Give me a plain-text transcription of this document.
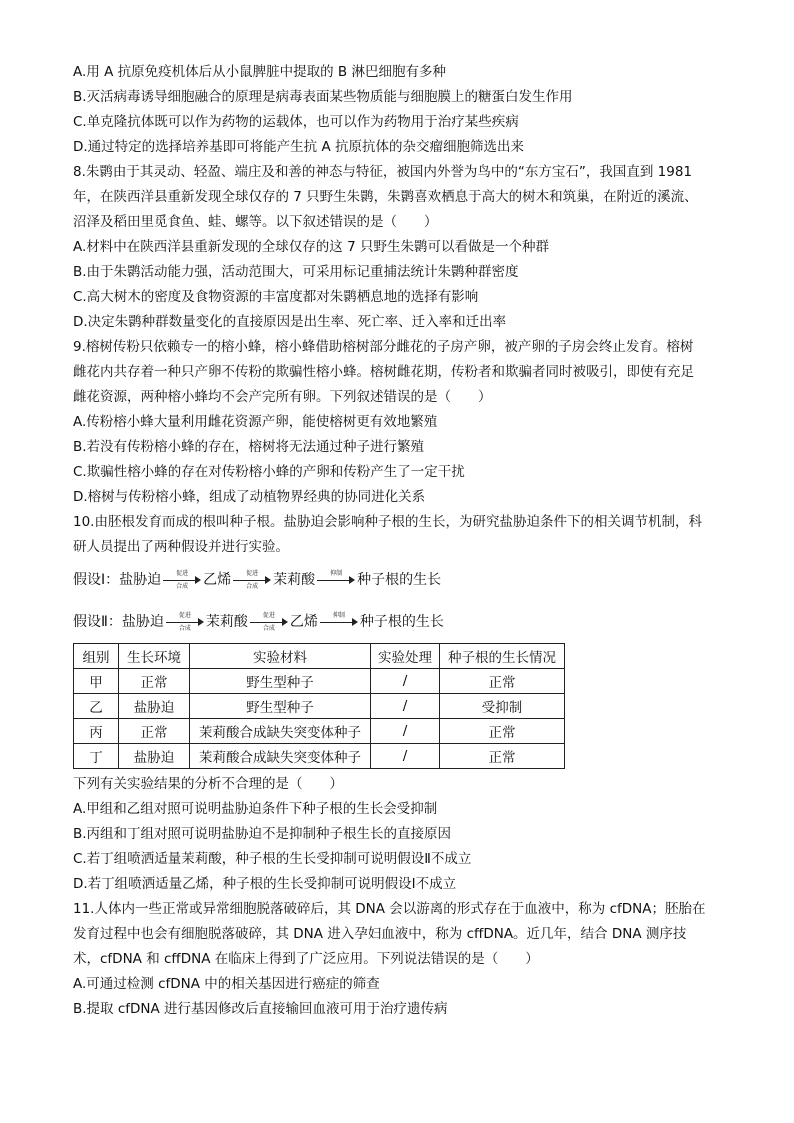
A.用 A 抗原免疫机体后从小鼠脾脏中提取的 B 淋巴细胞有多种
B.灭活病毒诱导细胞融合的原理是病毒表面某些物质能与细胞膜上的糖蛋白发生作用
C.单克隆抗体既可以作为药物的运载体，也可以作为药物用于治疗某些疾病
D.通过特定的选择培养基即可将能产生抗 A 抗原抗体的杂交瘤细胞筛选出来
8.朱鹮由于其灵动、轻盈、端庄及和善的神态与特征，被国内外誉为鸟中的“东方宝石”，我国直到 1981
年，在陕西洋县重新发现全球仅存的 7 只野生朱鹮，朱鹮喜欢栖息于高大的树木和筑巢，在附近的溪流、
沼泽及稻田里觅食鱼、蛙、螺等。以下叙述错误的是（　　）
A.材料中在陕西洋县重新发现的全球仅存的这 7 只野生朱鹮可以看做是一个种群
B.由于朱鹮活动能力强，活动范围大，可采用标记重捕法统计朱鹮种群密度
C.高大树木的密度及食物资源的丰富度都对朱鹮栖息地的选择有影响
D.决定朱鹮种群数量变化的直接原因是出生率、死亡率、迁入率和迁出率
9.榕树传粉只依赖专一的榕小蜂，榕小蜂借助榕树部分雌花的子房产卵，被产卵的子房会终止发育。榕树
雌花内共存着一种只产卵不传粉的欺骗性榕小蜂。榕树雌花期，传粉者和欺骗者同时被吸引，即使有充足
雌花资源，两种榕小蜂均不会产完所有卵。下列叙述错误的是（　　）
A.传粉榕小蜂大量利用雌花资源产卵，能使榕树更有效地繁殖
B.若没有传粉榕小蜂的存在，榕树将无法通过种子进行繁殖
C.欺骗性榕小蜂的存在对传粉榕小蜂的产卵和传粉产生了一定干扰
D.榕树与传粉榕小蜂，组成了动植物界经典的协同进化关系
10.由胚根发育而成的根叫种子根。盐胁迫会影响种子根的生长，为研究盐胁迫条件下的相关调节机制，科
研人员提出了两种假设并进行实验。
假设Ⅰ： 盐胁迫 促进
合成 乙烯 促进
合成 茉莉酸 抑制 种子根的生长
假设Ⅱ： 盐胁迫 促进
合成 茉莉酸 促进
合成 乙烯 抑制 种子根的生长
组别	生长环境	实验材料	实验处理	种子根的生长情况
甲	正常	野生型种子	/	正常
乙	盐胁迫	野生型种子	/	受抑制
丙	正常	茉莉酸合成缺失突变体种子	/	正常
丁	盐胁迫	茉莉酸合成缺失突变体种子	/	正常
下列有关实验结果的分析不合理的是（　　）
A.甲组和乙组对照可说明盐胁迫条件下种子根的生长会受抑制
B.丙组和丁组对照可说明盐胁迫不是抑制种子根生长的直接原因
C.若丁组喷洒适量茉莉酸，种子根的生长受抑制可说明假设Ⅱ不成立
D.若丁组喷洒适量乙烯，种子根的生长受抑制可说明假设Ⅰ不成立
11.人体内一些正常或异常细胞脱落破碎后，其 DNA 会以游离的形式存在于血液中，称为 cfDNA；胚胎在
发育过程中也会有细胞脱落破碎，其 DNA 进入孕妇血液中，称为 cffDNA。近几年，结合 DNA 测序技
术，cfDNA 和 cffDNA 在临床上得到了广泛应用。下列说法错误的是（　　）
A.可通过检测 cfDNA 中的相关基因进行癌症的筛查
B.提取 cfDNA 进行基因修改后直接输回血液可用于治疗遗传病
